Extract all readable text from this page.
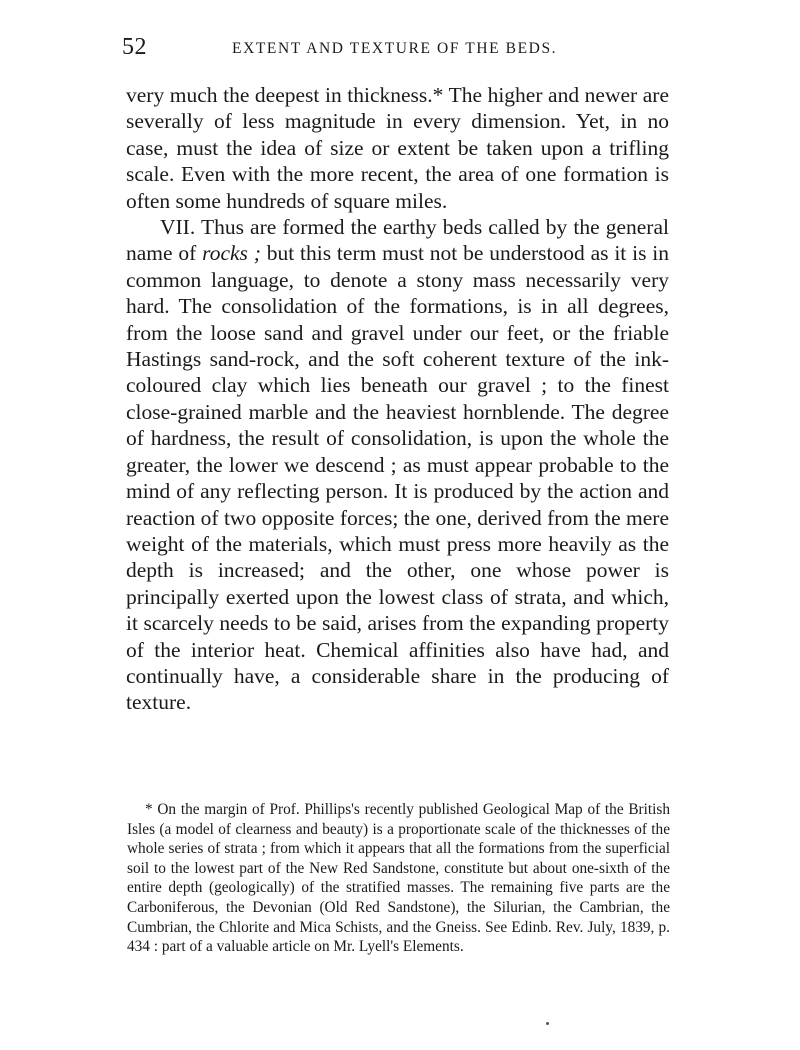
52	EXTENT AND TEXTURE OF THE BEDS.

very much the deepest in thickness.* The higher and newer are severally of less magnitude in every dimension. Yet, in no case, must the idea of size or extent be taken upon a trifling scale. Even with the more recent, the area of one formation is often some hundreds of square miles.

VII. Thus are formed the earthy beds called by the general name of rocks ; but this term must not be understood as it is in common language, to denote a stony mass necessarily very hard. The consolidation of the formations, is in all degrees, from the loose sand and gravel under our feet, or the friable Hastings sand-rock, and the soft coherent texture of the ink-coloured clay which lies beneath our gravel ; to the finest close-grained marble and the heaviest hornblende. The degree of hardness, the result of consolidation, is upon the whole the greater, the lower we descend ; as must appear probable to the mind of any reflecting person. It is produced by the action and reaction of two opposite forces; the one, derived from the mere weight of the materials, which must press more heavily as the depth is increased; and the other, one whose power is principally exerted upon the lowest class of strata, and which, it scarcely needs to be said, arises from the expanding property of the interior heat. Chemical affinities also have had, and continually have, a considerable share in the producing of texture.

* On the margin of Prof. Phillips's recently published Geological Map of the British Isles (a model of clearness and beauty) is a proportionate scale of the thicknesses of the whole series of strata ; from which it appears that all the formations from the superficial soil to the lowest part of the New Red Sandstone, constitute but about one-sixth of the entire depth (geologically) of the stratified masses. The remaining five parts are the Carboniferous, the Devonian (Old Red Sandstone), the Silurian, the Cambrian, the Cumbrian, the Chlorite and Mica Schists, and the Gneiss. See Edinb. Rev. July, 1839, p. 434 : part of a valuable article on Mr. Lyell's Elements.
